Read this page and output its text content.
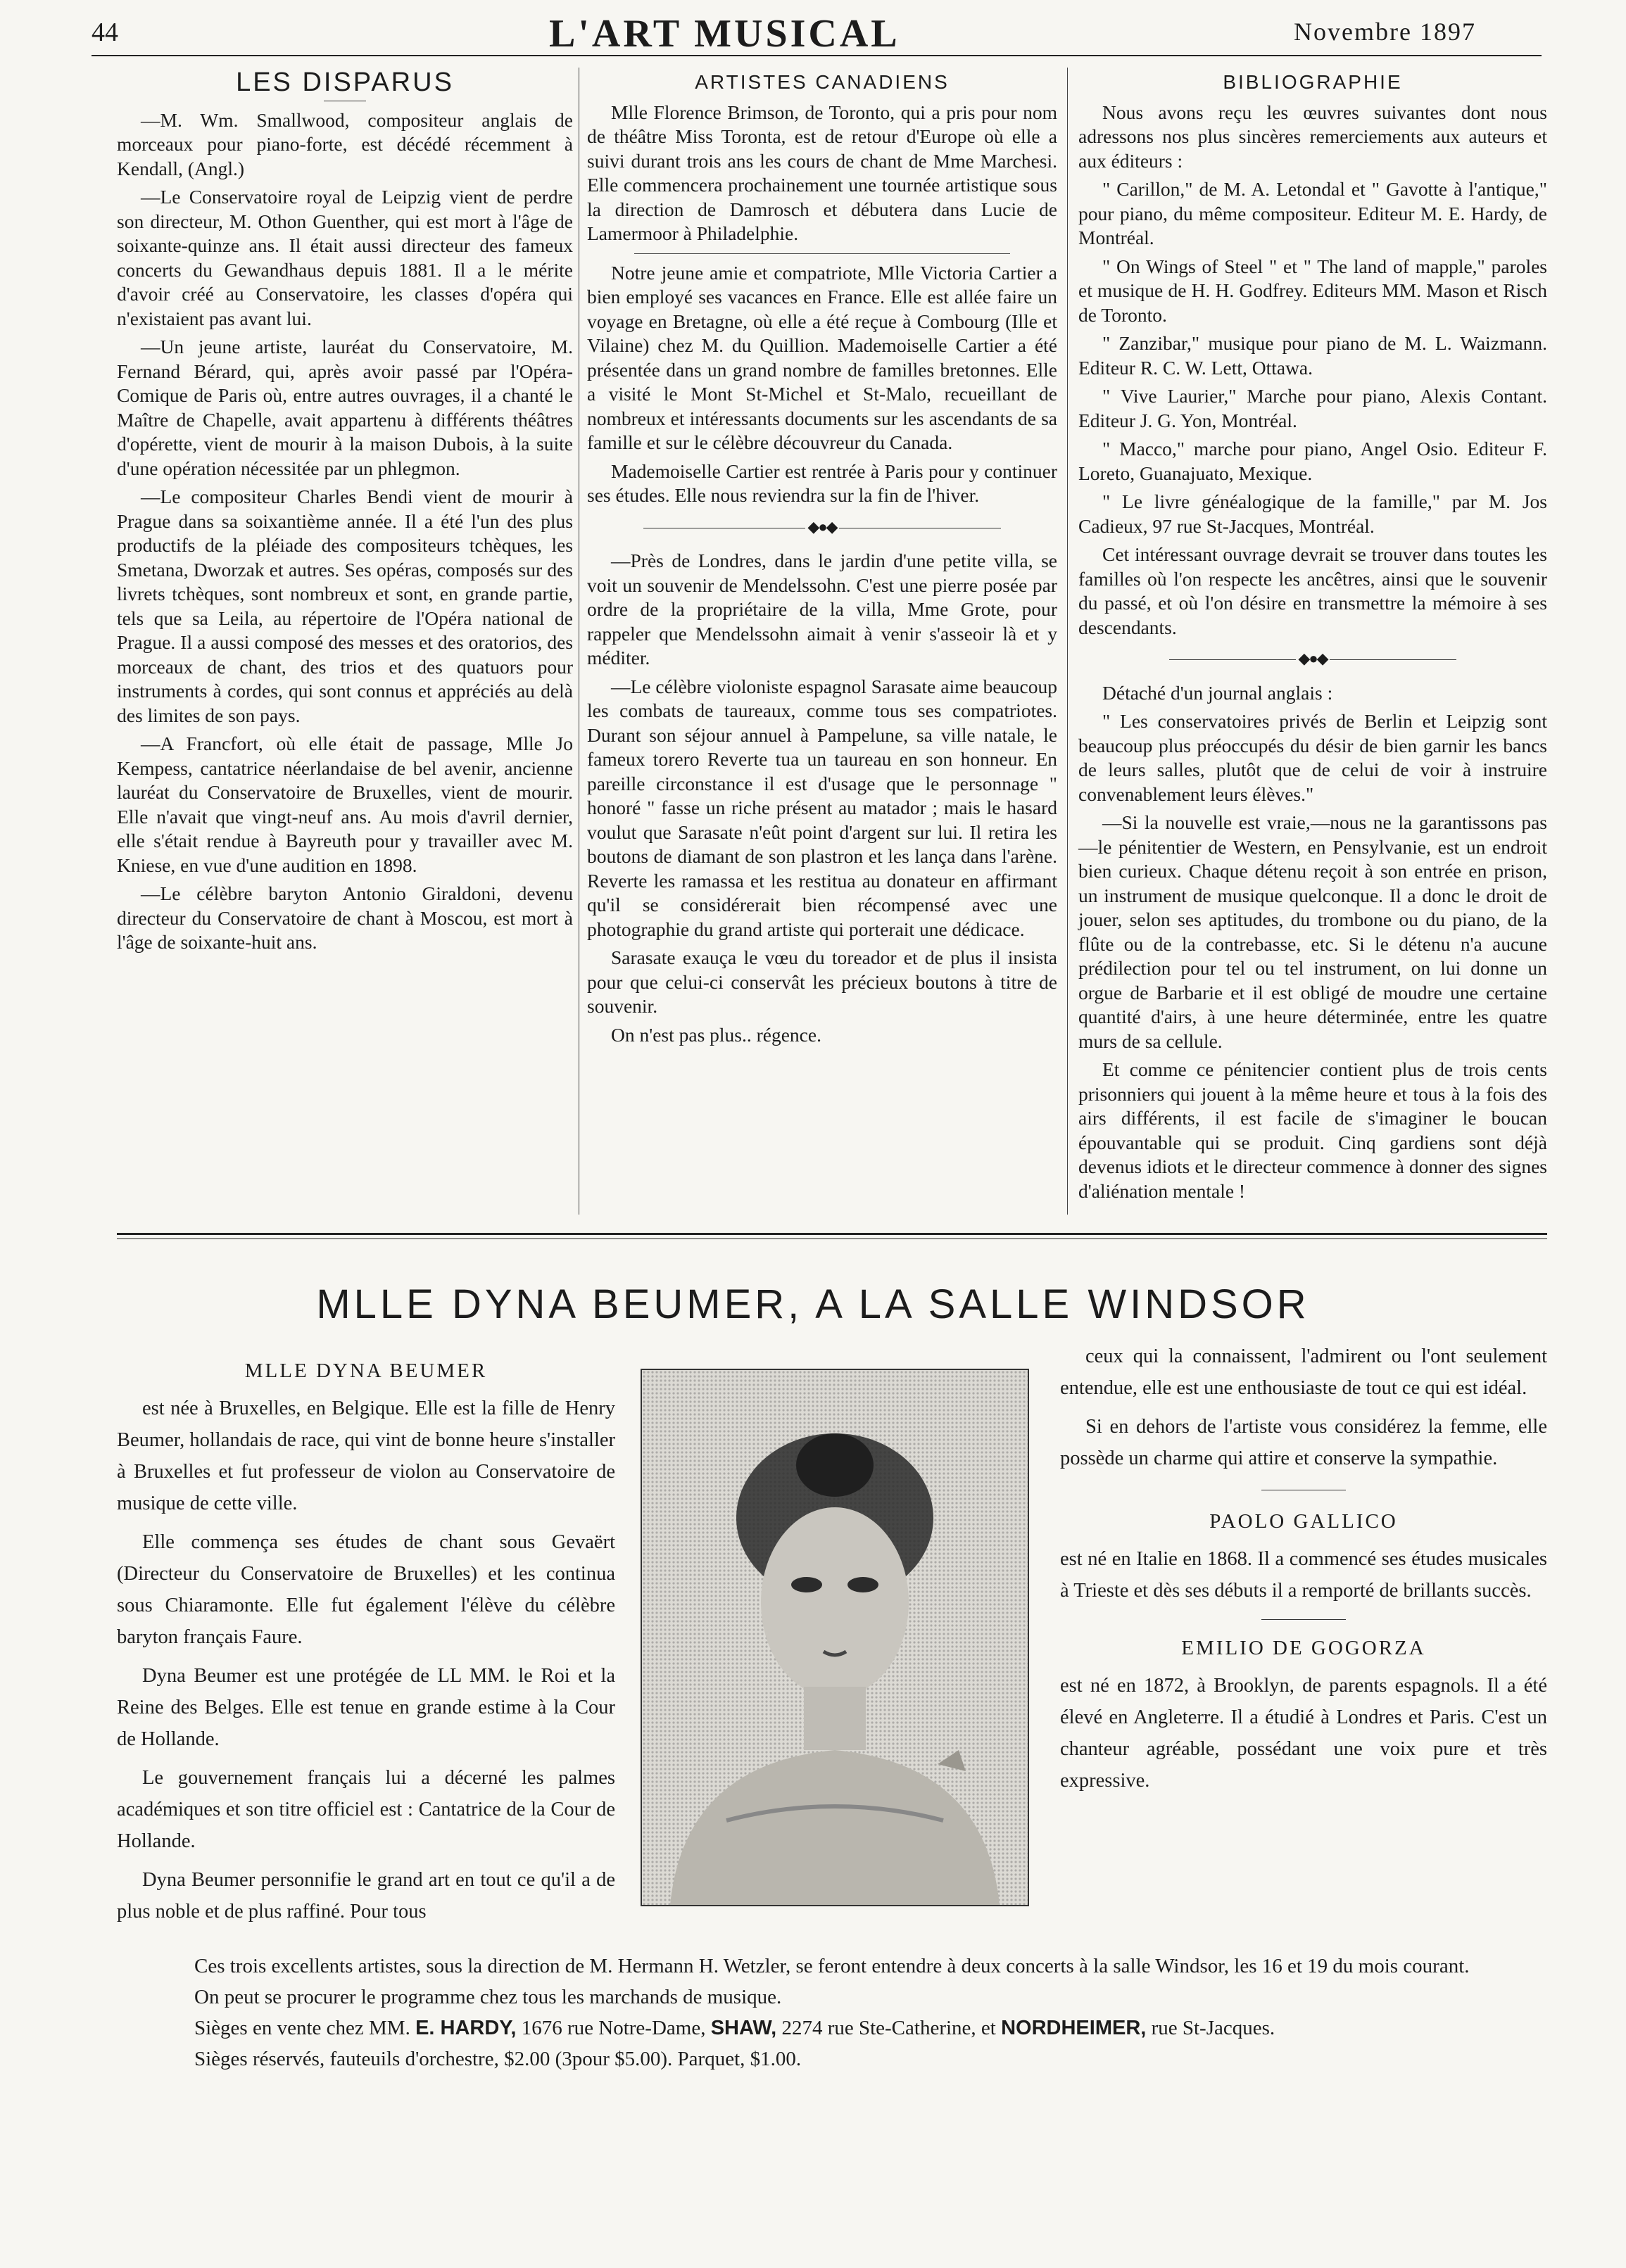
44	L'ART MUSICAL	Novembre 1897
LES DISPARUS

—M. Wm. Smallwood, compositeur anglais de morceaux pour piano-forte, est décédé récemment à Kendall, (Angl.)

—Le Conservatoire royal de Leipzig vient de perdre son directeur, M. Othon Guenther, qui est mort à l'âge de soixante-quinze ans. Il était aussi directeur des fameux concerts du Gewandhaus depuis 1881. Il a le mérite d'avoir créé au Conservatoire, les classes d'opéra qui n'existaient pas avant lui.

—Un jeune artiste, lauréat du Conservatoire, M. Fernand Bérard, qui, après avoir passé par l'Opéra-Comique de Paris où, entre autres ouvrages, il a chanté le Maître de Chapelle, avait appartenu à différents théâtres d'opérette, vient de mourir à la maison Dubois, à la suite d'une opération nécessitée par un phlegmon.

—Le compositeur Charles Bendi vient de mourir à Prague dans sa soixantième année. Il a été l'un des plus productifs de la pléiade des compositeurs tchèques, les Smetana, Dworzak et autres. Ses opéras, composés sur des livrets tchèques, sont nombreux et sont, en grande partie, tels que sa Leila, au répertoire de l'Opéra national de Prague. Il a aussi composé des messes et des oratorios, des morceaux de chant, des trios et des quatuors pour instruments à cordes, qui sont connus et appréciés au delà des limites de son pays.

—A Francfort, où elle était de passage, Mlle Jo Kempess, cantatrice néerlandaise de bel avenir, ancienne lauréat du Conservatoire de Bruxelles, vient de mourir. Elle n'avait que vingt-neuf ans. Au mois d'avril dernier, elle s'était rendue à Bayreuth pour y travailler avec M. Kniese, en vue d'une audition en 1898.

—Le célèbre baryton Antonio Giraldoni, devenu directeur du Conservatoire de chant à Moscou, est mort à l'âge de soixante-huit ans.

ARTISTES CANADIENS

Mlle Florence Brimson, de Toronto, qui a pris pour nom de théâtre Miss Toronta, est de retour d'Europe où elle a suivi durant trois ans les cours de chant de Mme Marchesi. Elle commencera prochainement une tournée artistique sous la direction de Damrosch et débutera dans Lucie de Lamermoor à Philadelphie.

Notre jeune amie et compatriote, Mlle Victoria Cartier a bien employé ses vacances en France. Elle est allée faire un voyage en Bretagne, où elle a été reçue à Combourg (Ille et Vilaine) chez M. du Quillion. Mademoiselle Cartier a été présentée dans un grand nombre de familles bretonnes. Elle a visité le Mont St-Michel et St-Malo, recueillant de nombreux et intéressants documents sur les ascendants de sa famille et sur le célèbre découvreur du Canada.

Mademoiselle Cartier est rentrée à Paris pour y continuer ses études. Elle nous reviendra sur la fin de l'hiver.

◆●◆

—Près de Londres, dans le jardin d'une petite villa, se voit un souvenir de Mendelssohn. C'est une pierre posée par ordre de la propriétaire de la villa, Mme Grote, pour rappeler que Mendelssohn aimait à venir s'asseoir là et y méditer.

—Le célèbre violoniste espagnol Sarasate aime beaucoup les combats de taureaux, comme tous ses compatriotes. Durant son séjour annuel à Pampelune, sa ville natale, le fameux torero Reverte tua un taureau en son honneur. En pareille circonstance il est d'usage que le personnage " honoré " fasse un riche présent au matador ; mais le hasard voulut que Sarasate n'eût point d'argent sur lui. Il retira les boutons de diamant de son plastron et les lança dans l'arène. Reverte les ramassa et les restitua au donateur en affirmant qu'il se considérerait bien récompensé avec une photographie du grand artiste qui porterait une dédicace.

Sarasate exauça le vœu du toreador et de plus il insista pour que celui-ci conservât les précieux boutons à titre de souvenir.

On n'est pas plus.. régence.

BIBLIOGRAPHIE

Nous avons reçu les œuvres suivantes dont nous adressons nos plus sincères remerciements aux auteurs et aux éditeurs :

" Carillon," de M. A. Letondal et " Gavotte à l'antique," pour piano, du même compositeur. Editeur M. E. Hardy, de Montréal.

" On Wings of Steel " et " The land of mapple," paroles et musique de H. H. Godfrey. Editeurs MM. Mason et Risch de Toronto.

" Zanzibar," musique pour piano de M. L. Waizmann. Editeur R. C. W. Lett, Ottawa.

" Vive Laurier," Marche pour piano, Alexis Contant. Editeur J. G. Yon, Montréal.

" Macco," marche pour piano, Angel Osio. Editeur F. Loreto, Guanajuato, Mexique.

" Le livre généalogique de la famille," par M. Jos Cadieux, 97 rue St-Jacques, Montréal.

Cet intéressant ouvrage devrait se trouver dans toutes les familles où l'on respecte les ancêtres, ainsi que le souvenir du passé, et où l'on désire en transmettre la mémoire à ses descendants.

◆●◆

Détaché d'un journal anglais :

" Les conservatoires privés de Berlin et Leipzig sont beaucoup plus préoccupés du désir de bien garnir les bancs de leurs salles, plutôt que de celui de voir à instruire convenablement leurs élèves."

—Si la nouvelle est vraie,—nous ne la garantissons pas—le pénitentier de Western, en Pensylvanie, est un endroit bien curieux. Chaque détenu reçoit à son entrée en prison, un instrument de musique quelconque. Il a donc le droit de jouer, selon ses aptitudes, du trombone ou du piano, de la flûte ou de la contrebasse, etc. Si le détenu n'a aucune prédilection pour tel ou tel instrument, on lui donne un orgue de Barbarie et il est obligé de moudre une certaine quantité d'airs, à une heure déterminée, entre les quatre murs de sa cellule.

Et comme ce pénitencier contient plus de trois cents prisonniers qui jouent à la même heure et tous à la fois des airs différents, il est facile de s'imaginer le boucan épouvantable qui se produit. Cinq gardiens sont déjà devenus idiots et le directeur commence à donner des signes d'aliénation mentale !

MLLE DYNA BEUMER, A LA SALLE WINDSOR
MLLE DYNA BEUMER

est née à Bruxelles, en Belgique. Elle est la fille de Henry Beumer, hollandais de race, qui vint de bonne heure s'installer à Bruxelles et fut professeur de violon au Conservatoire de musique de cette ville.

Elle commença ses études de chant sous Gevaërt (Directeur du Conservatoire de Bruxelles) et les continua sous Chiaramonte. Elle fut également l'élève du célèbre baryton français Faure.

Dyna Beumer est une protégée de LL MM. le Roi et la Reine des Belges. Elle est tenue en grande estime à la Cour de Hollande.

Le gouvernement français lui a décerné les palmes académiques et son titre officiel est : Cantatrice de la Cour de Hollande.

Dyna Beumer personnifie le grand art en tout ce qu'il a de plus noble et de plus raffiné. Pour tous

ceux qui la connaissent, l'admirent ou l'ont seulement entendue, elle est une enthousiaste de tout ce qui est idéal.

Si en dehors de l'artiste vous considérez la femme, elle possède un charme qui attire et conserve la sympathie.

PAOLO GALLICO

est né en Italie en 1868. Il a commencé ses études musicales à Trieste et dès ses débuts il a remporté de brillants succès.

EMILIO DE GOGORZA

est né en 1872, à Brooklyn, de parents espagnols. Il a été élevé en Angleterre. Il a étudié à Londres et Paris. C'est un chanteur agréable, possédant une voix pure et très expressive.

Ces trois excellents artistes, sous la direction de M. Hermann H. Wetzler, se feront entendre à deux concerts à la salle Windsor, les 16 et 19 du mois courant.

On peut se procurer le programme chez tous les marchands de musique.

Sièges en vente chez MM. E. HARDY, 1676 rue Notre-Dame, SHAW, 2274 rue Ste-Catherine, et NORDHEIMER, rue St-Jacques.

Sièges réservés, fauteuils d'orchestre, $2.00 (3pour $5.00). Parquet, $1.00.
